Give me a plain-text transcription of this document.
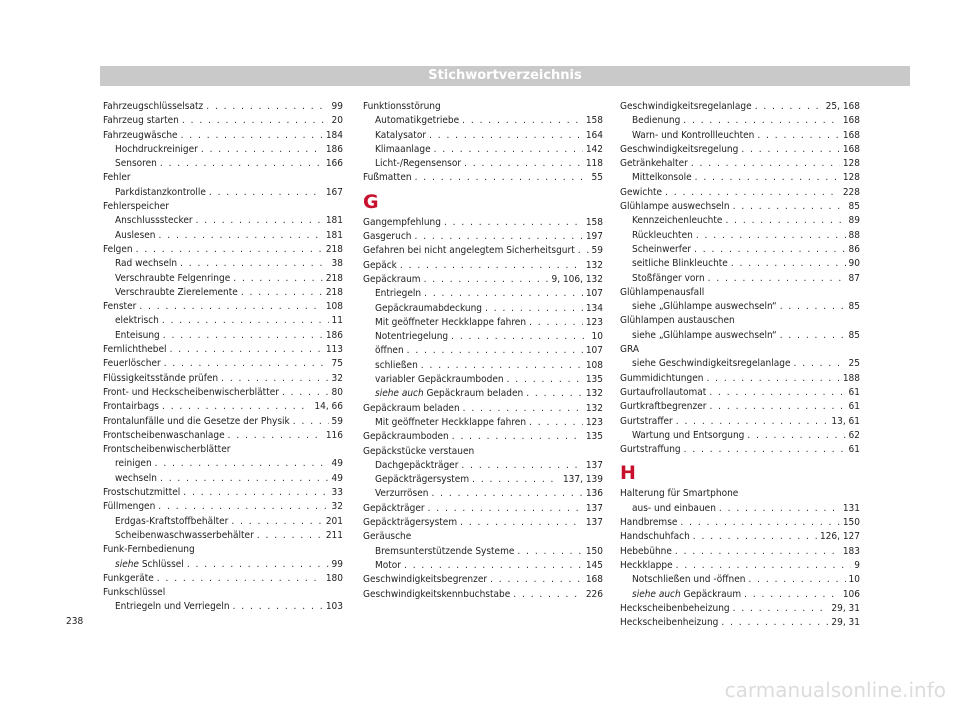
Stichwortverzeichnis
Fahrzeugschlüsselsatz . . .	99
Fahrzeug starten . . .	20
Fahrzeugwäsche . . .	184
Hochdruckreiniger . . .	186
Sensoren . . .	166
Fehler
Parkdistanzkontrolle . . .	167
Fehlerspeicher
Anschlussstecker . . .	181
Auslesen . . .	181
Felgen . . .	218
Rad wechseln . . .	38
Verschraubte Felgenringe . . .	218
Verschraubte Zierelemente . . .	218
Fenster . . .	108
elektrisch . . .	11
Enteisung . . .	186
Fernlichthebel . . .	113
Feuerlöscher . . .	75
Flüssigkeitsstände prüfen . . .	32
Front- und Heckscheibenwischerblätter . . .	80
Frontairbags . . .	14, 66
Frontalunfälle und die Gesetze der Physik . . .	59
Frontscheibenwaschanlage . . .	116
Frontscheibenwischerblätter
reinigen . . .	49
wechseln . . .	49
Frostschutzmittel . . .	33
Füllmengen . . .	32
Erdgas-Kraftstoffbehälter . . .	201
Scheibenwaschwasserbehälter . . .	211
Funk-Fernbedienung
siehe Schlüssel . . .	99
Funkgeräte . . .	180
Funkschlüssel
Entriegeln und Verriegeln . . .	103
Funktionsstörung
Automatikgetriebe . . .	158
Katalysator . . .	164
Klimaanlage . . .	142
Licht-/Regensensor . . .	118
Fußmatten . . .	55
G
Gangempfehlung . . .	158
Gasgeruch . . .	197
Gefahren bei nicht angelegtem Sicherheitsgurt . . . 59
Gepäck . . .	132
Gepäckraum . . .	9, 106, 132
Entriegeln . . .	107
Gepäckraumabdeckung . . .	134
Mit geöffneter Heckklappe fahren . . .	123
Notentriegelung . . .	10
öffnen . . .	107
schließen . . .	108
variabler Gepäckraumboden . . .	135
siehe auch Gepäckraum beladen . . .	132
Gepäckraum beladen . . .	132
Mit geöffneter Heckklappe fahren . . .	123
Gepäckraumboden . . .	135
Gepäckstücke verstauen
Dachgepäckträger . . .	137
Gepäckträgersystem . . .	137, 139
Verzurrösen . . .	136
Gepäckträger . . .	137
Gepäckträgersystem . . .	137
Geräusche
Bremsunterstützende Systeme . . .	150
Motor . . .	145
Geschwindigkeitsbegrenzer . . .	168
Geschwindigkeitskennbuchstabe . . .	226
Geschwindigkeitsregelanlage . . .	25, 168
Bedienung . . .	168
Warn- und Kontrollleuchten . . .	168
Geschwindigkeitsregelung . . .	168
Getränkehalter . . .	128
Mittelkonsole . . .	128
Gewichte . . .	228
Glühlampe auswechseln . . .	85
Kennzeichenleuchte . . .	89
Rückleuchten . . .	88
Scheinwerfer . . .	86
seitliche Blinkleuchte . . .	90
Stoßfänger vorn . . .	87
Glühlampenausfall
siehe „Glühlampe auswechseln“ . . .	85
Glühlampen austauschen
siehe „Glühlampe auswechseln“ . . .	85
GRA
siehe Geschwindigkeitsregelanlage . . .	25
Gummidichtungen . . .	188
Gurtaufrollautomat . . .	61
Gurtkraftbegrenzer . . .	61
Gurtstraffer . . .	13, 61
Wartung und Entsorgung . . .	62
Gurtstraffung . . .	61
H
Halterung für Smartphone
aus- und einbauen . . .	131
Handbremse . . .	150
Handschuhfach . . .	126, 127
Hebebühne . . .	183
Heckklappe . . .	9
Notschließen und -öffnen . . .	10
siehe auch Gepäckraum . . .	106
Heckscheibenbeheizung . . .	29, 31
Heckscheibenheizung . . .	29, 31
238
carmanualsonline.info
